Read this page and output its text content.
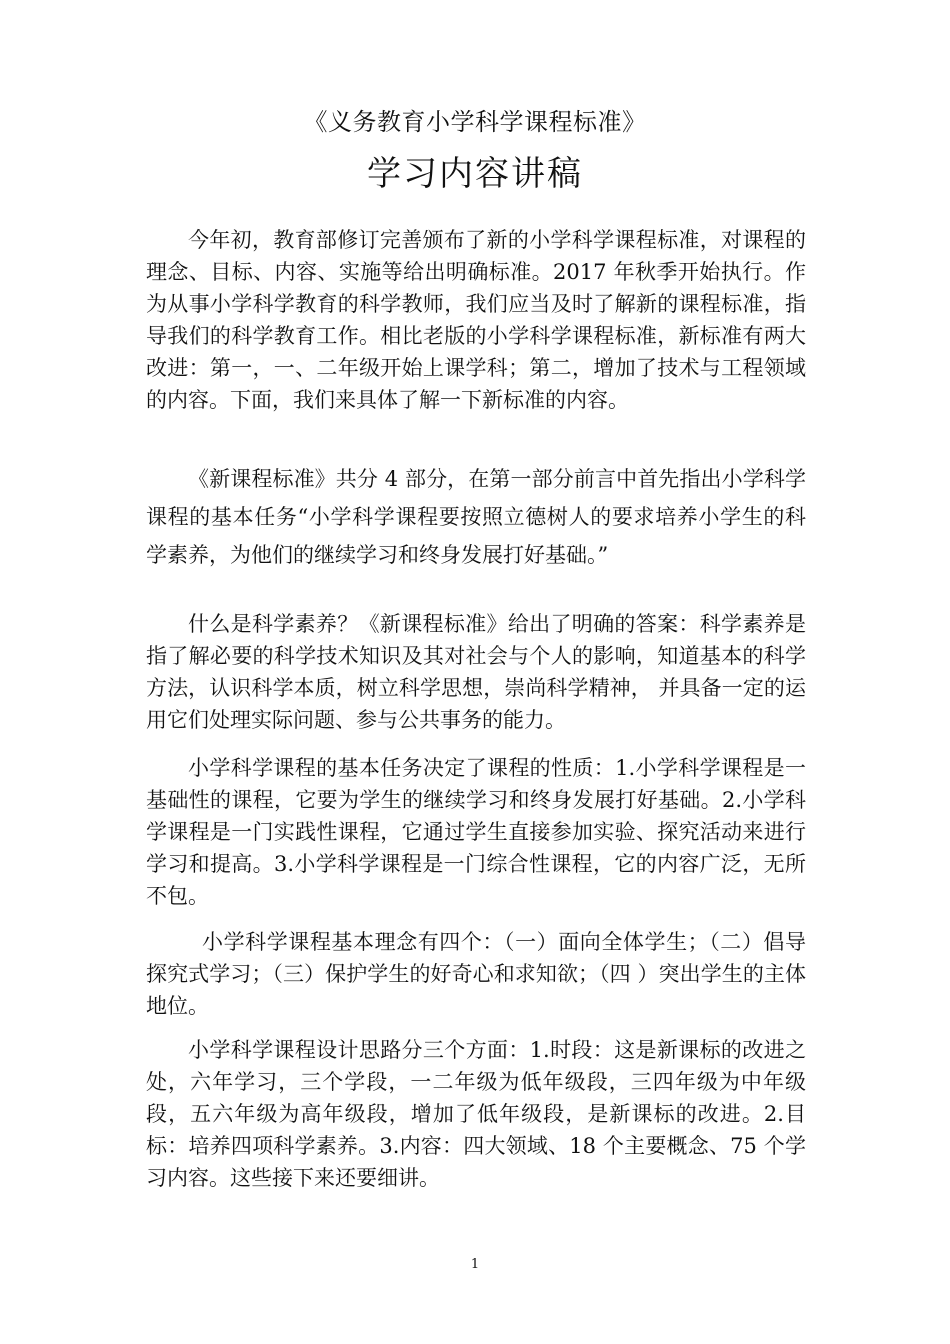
《义务教育小学科学课程标准》
学习内容讲稿

今年初，教育部修订完善颁布了新的小学科学课程标准，对课程的理念、目标、内容、实施等给出明确标准。2017 年秋季开始执行。作为从事小学科学教育的科学教师，我们应当及时了解新的课程标准，指导我们的科学教育工作。相比老版的小学科学课程标准，新标准有两大改进：第一，一、二年级开始上课学科；第二，增加了技术与工程领域的内容。下面，我们来具体了解一下新标准的内容。

《新课程标准》共分 4 部分，在第一部分前言中首先指出小学科学课程的基本任务“小学科学课程要按照立德树人的要求培养小学生的科学素养，为他们的继续学习和终身发展打好基础。”

什么是科学素养？《新课程标准》给出了明确的答案：科学素养是指了解必要的科学技术知识及其对社会与个人的影响，知道基本的科学方法，认识科学本质，树立科学思想，崇尚科学精神， 并具备一定的运用它们处理实际问题、参与公共事务的能力。

小学科学课程的基本任务决定了课程的性质：1.小学科学课程是一基础性的课程，它要为学生的继续学习和终身发展打好基础。2.小学科学课程是一门实践性课程，它通过学生直接参加实验、探究活动来进行学习和提高。3.小学科学课程是一门综合性课程，它的内容广泛，无所不包。

小学科学课程基本理念有四个：（一）面向全体学生；（二）倡导探究式学习；（三）保护学生的好奇心和求知欲；（四 ）突出学生的主体地位。

小学科学课程设计思路分三个方面：1.时段：这是新课标的改进之处，六年学习，三个学段，一二年级为低年级段，三四年级为中年级段，五六年级为高年级段，增加了低年级段，是新课标的改进。2.目标：培养四项科学素养。3.内容：四大领域、18 个主要概念、75 个学习内容。这些接下来还要细讲。

1
